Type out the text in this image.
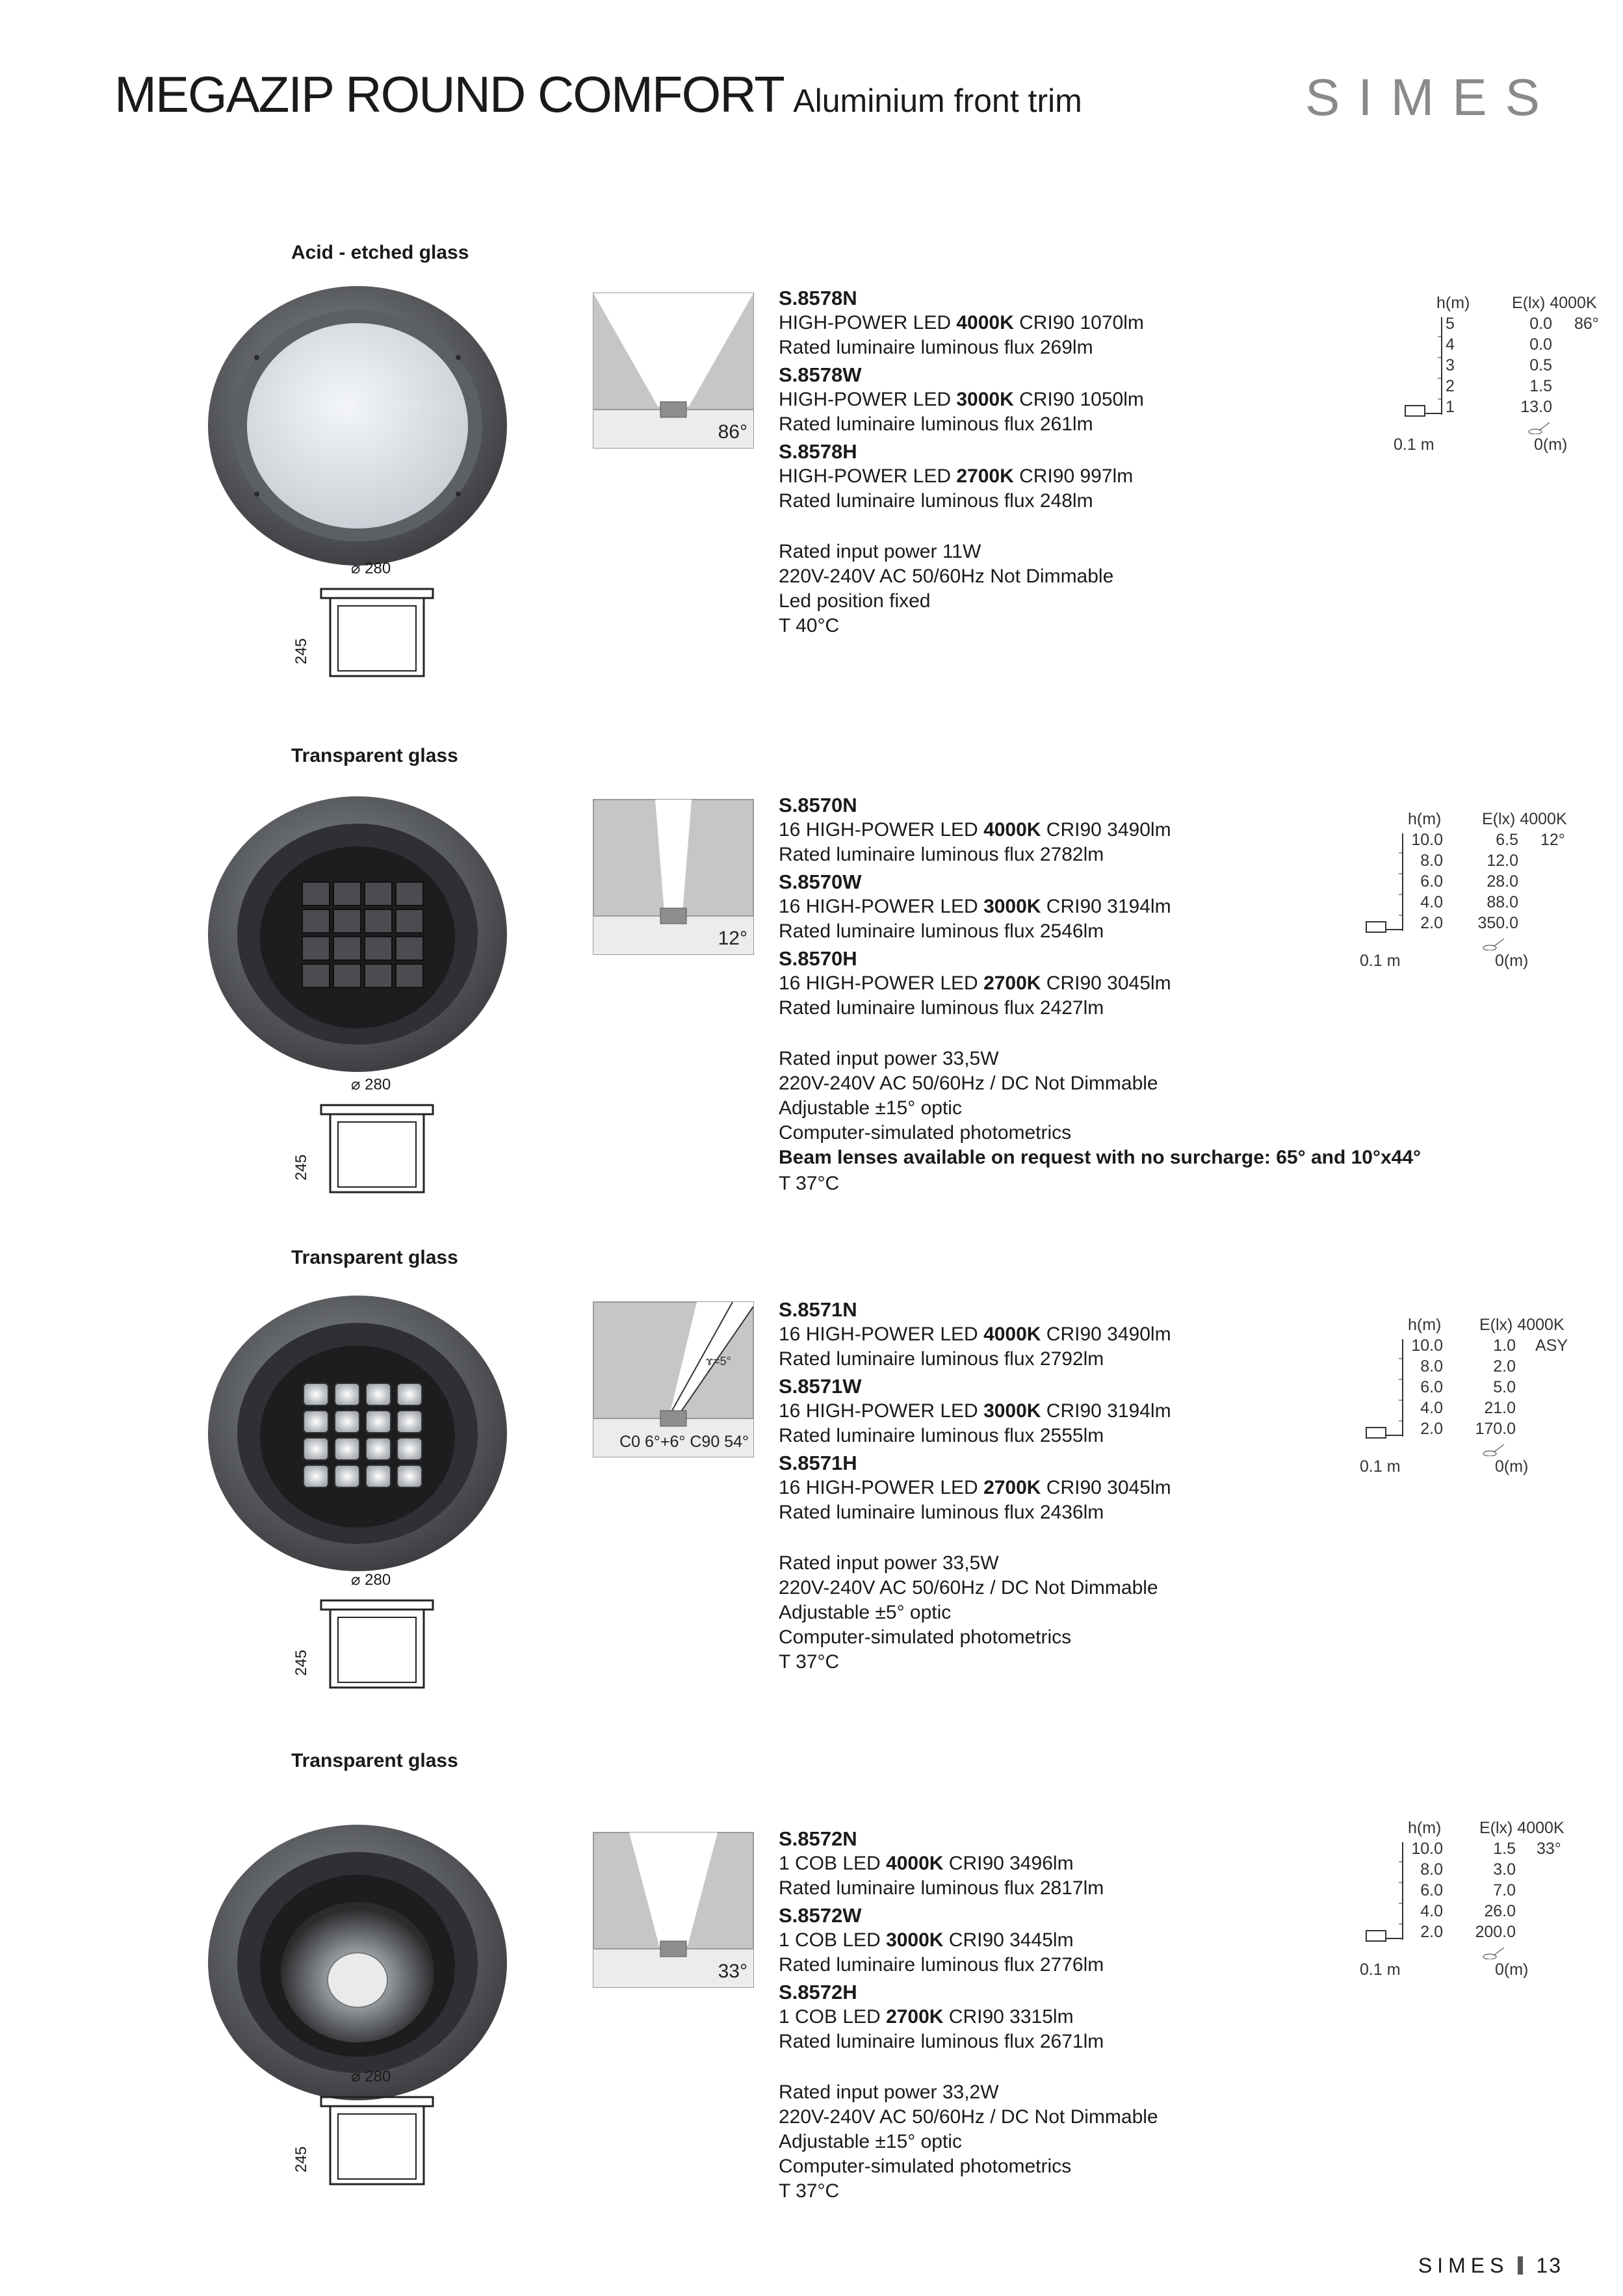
MEGAZIP ROUND COMFORT Aluminium front trim	SIMES
Acid - etched glass
⌀ 280
245
86°

S.8578N

HIGH-POWER LED 4000K CRI90 1070lm

Rated luminaire luminous flux 269lm

S.8578W

HIGH-POWER LED 3000K CRI90 1050lm

Rated luminaire luminous flux 261lm

S.8578H

HIGH-POWER LED 2700K CRI90 997lm

Rated luminaire luminous flux 248lm

Rated input power 11W

220V-240V AC 50/60Hz Not Dimmable

Led position fixed

T 40°C

h(m)	E(lx) 4000K
86°
5	0.0
4	0.0
3	0.5
2	1.5
1	13.0
0.1 m	0(m)
Transparent glass
⌀ 280
245
12°

S.8570N

16 HIGH-POWER LED 4000K CRI90 3490lm

Rated luminaire luminous flux 2782lm

S.8570W

16 HIGH-POWER LED 3000K CRI90 3194lm

Rated luminaire luminous flux 2546lm

S.8570H

16 HIGH-POWER LED 2700K CRI90 3045lm

Rated luminaire luminous flux 2427lm

Rated input power 33,5W

220V-240V AC 50/60Hz / DC Not Dimmable

Adjustable ±15° optic

Computer-simulated photometrics

Beam lenses available on request with no surcharge: 65° and 10°x44°

T 37°C

h(m)	E(lx) 4000K
12°
10.0	6.5
8.0	12.0
6.0	28.0
4.0	88.0
2.0	350.0
0.1 m	0(m)
Transparent glass
⌀ 280
245
ɤ=5°
C0 6°+6° C90 54°

S.8571N

16 HIGH-POWER LED 4000K CRI90 3490lm

Rated luminaire luminous flux 2792lm

S.8571W

16 HIGH-POWER LED 3000K CRI90 3194lm

Rated luminaire luminous flux 2555lm

S.8571H

16 HIGH-POWER LED 2700K CRI90 3045lm

Rated luminaire luminous flux 2436lm

Rated input power 33,5W

220V-240V AC 50/60Hz / DC Not Dimmable

Adjustable ±5° optic

Computer-simulated photometrics

T 37°C

h(m) E(lx) 4000K
ASY
10.0	1.0
8.0	2.0
6.0	5.0
4.0	21.0
2.0	170.0
0.1 m	0(m)
Transparent glass
⌀ 280
245
33°

S.8572N

1 COB LED 4000K CRI90 3496lm

Rated luminaire luminous flux 2817lm

S.8572W

1 COB LED 3000K CRI90 3445lm

Rated luminaire luminous flux 2776lm

S.8572H

1 COB LED 2700K CRI90 3315lm

Rated luminaire luminous flux 2671lm

Rated input power 33,2W

220V-240V AC 50/60Hz / DC Not Dimmable

Adjustable ±15° optic

Computer-simulated photometrics

T 37°C

h(m) E(lx) 4000K
33°
10.0	1.5
8.0	3.0
6.0	7.0
4.0	26.0
2.0	200.0
0.1 m	0(m)
SIMES 13
